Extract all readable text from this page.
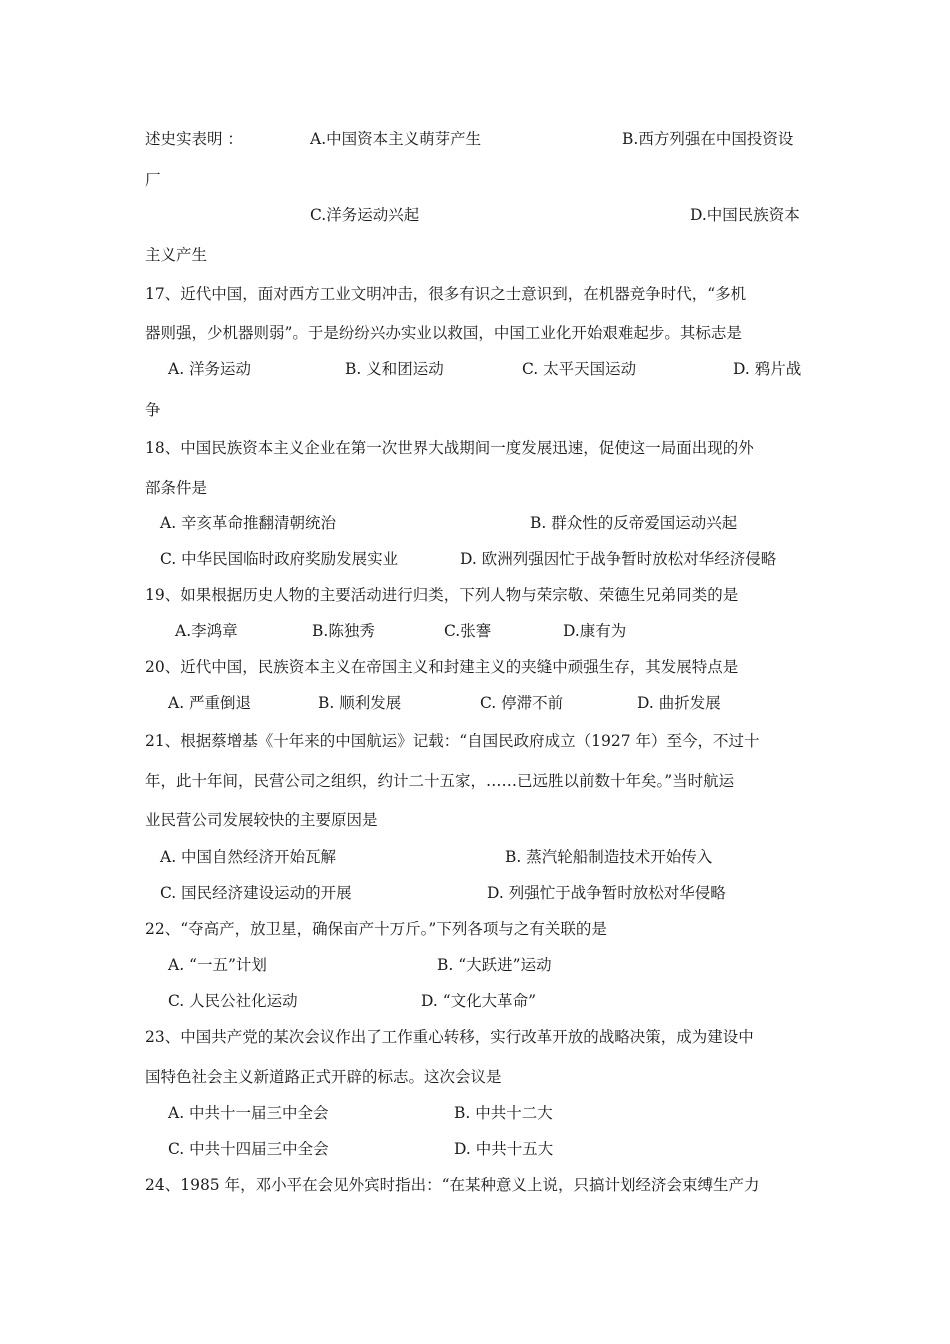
述史实表明 ：	A.中国资本主义萌芽产生	B.西方列强在中国投资设
厂
C.洋务运动兴起	D.中国民族资本
主义产生
17、近代中国，面对西方工业文明冲击，很多有识之士意识到，在机器竞争时代，“多机
器则强，少机器则弱”。于是纷纷兴办实业以救国，中国工业化开始艰难起步。其标志是
A. 洋务运动	B. 义和团运动	C. 太平天国运动	D. 鸦片战
争
18、中国民族资本主义企业在第一次世界大战期间一度发展迅速，促使这一局面出现的外
部条件是
A. 辛亥革命推翻清朝统治	B. 群众性的反帝爱国运动兴起
C. 中华民国临时政府奖励发展实业	D. 欧洲列强因忙于战争暂时放松对华经济侵略
19、如果根据历史人物的主要活动进行归类，下列人物与荣宗敬、荣德生兄弟同类的是
A.李鸿章	B.陈独秀	C.张謇	D.康有为
20、近代中国，民族资本主义在帝国主义和封建主义的夹缝中顽强生存，其发展特点是
A. 严重倒退	B. 顺利发展	C. 停滞不前	D. 曲折发展
21、根据蔡增基《十年来的中国航运》记载：“自国民政府成立（1927 年）至今，不过十
年，此十年间，民营公司之组织，约计二十五家，……已远胜以前数十年矣。”当时航运
业民营公司发展较快的主要原因是
A. 中国自然经济开始瓦解	B. 蒸汽轮船制造技术开始传入
C. 国民经济建设运动的开展	D. 列强忙于战争暂时放松对华侵略
22、“夺高产，放卫星，确保亩产十万斤。”下列各项与之有关联的是
A. “一五”计划	B. “大跃进”运动
C. 人民公社化运动	D. “文化大革命”
23、中国共产党的某次会议作出了工作重心转移，实行改革开放的战略决策，成为建设中
国特色社会主义新道路正式开辟的标志。这次会议是
A. 中共十一届三中全会	B. 中共十二大
C. 中共十四届三中全会	D. 中共十五大
24、1985 年，邓小平在会见外宾时指出：“在某种意义上说，只搞计划经济会束缚生产力
